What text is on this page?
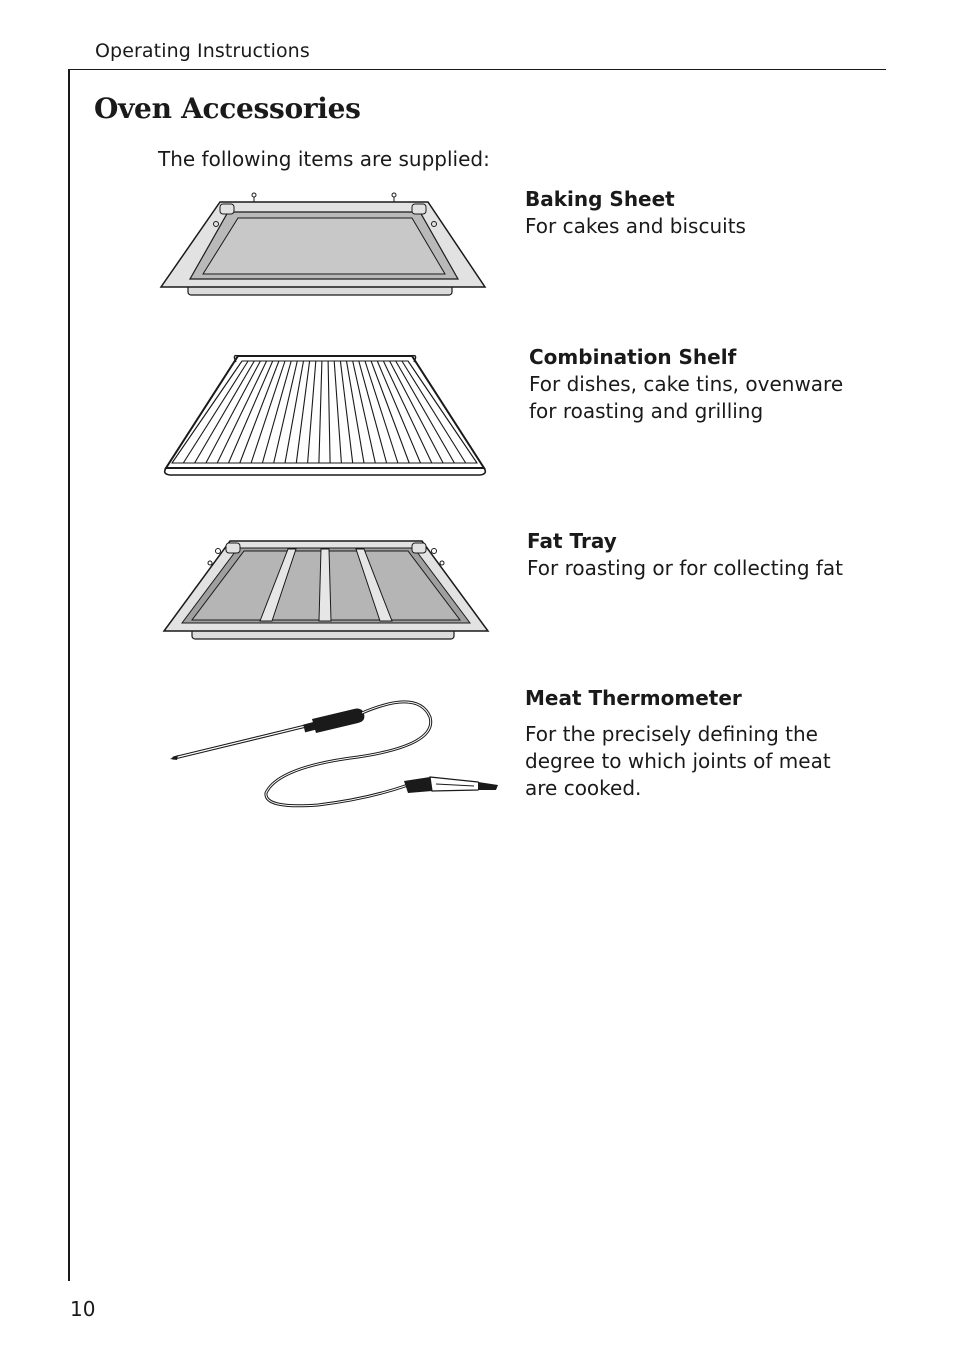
Operating Instructions
Oven Accessories
The following items are supplied:
Baking Sheet
For cakes and biscuits
Combination Shelf
For dishes, cake tins, ovenware
for roasting and grilling
Fat Tray
For roasting or for collecting fat
Meat Thermometer
For the precisely defining the
degree to which joints of meat
are cooked.
10
